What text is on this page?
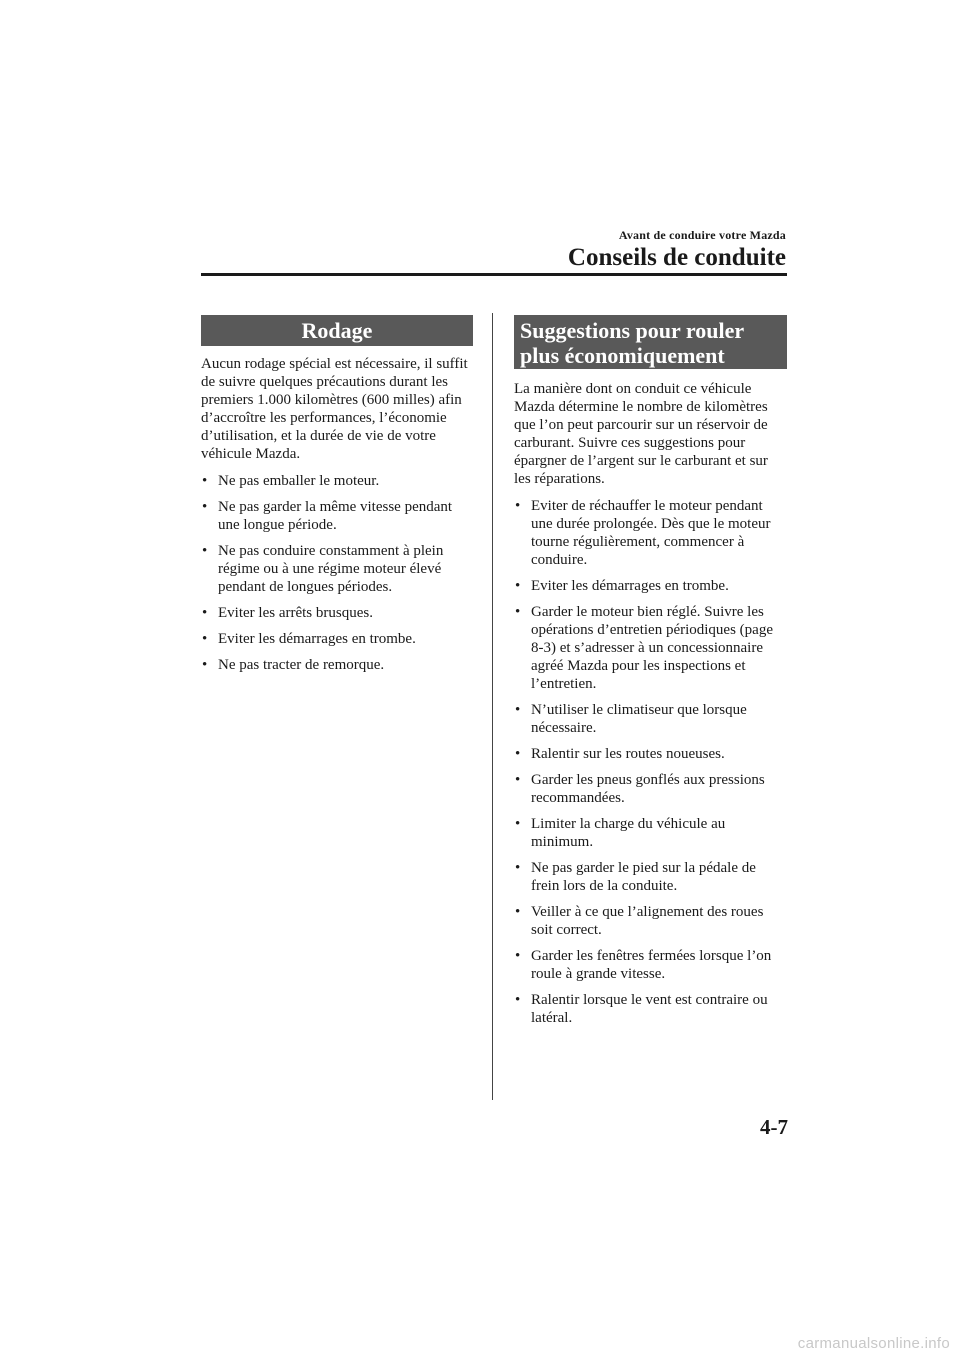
Avant de conduire votre Mazda
Conseils de conduite
Rodage

Aucun rodage spécial est nécessaire, il suffit de suivre quelques précautions durant les premiers 1.000 kilomètres (600 milles) afin d’accroître les performances, l’économie d’utilisation, et la durée de vie de votre véhicule Mazda.

• Ne pas emballer le moteur.
• Ne pas garder la même vitesse pendant une longue période.
• Ne pas conduire constamment à plein régime ou à une régime moteur élevé pendant de longues périodes.
• Eviter les arrêts brusques.
• Eviter les démarrages en trombe.
• Ne pas tracter de remorque.
Suggestions pour rouler
plus économiquement

La manière dont on conduit ce véhicule Mazda détermine le nombre de kilomètres que l’on peut parcourir sur un réservoir de carburant. Suivre ces suggestions pour épargner de l’argent sur le carburant et sur les réparations.

• Eviter de réchauffer le moteur pendant une durée prolongée. Dès que le moteur tourne régulièrement, commencer à conduire.
• Eviter les démarrages en trombe.
• Garder le moteur bien réglé. Suivre les opérations d’entretien périodiques (page 8-3) et s’adresser à un concessionnaire agréé Mazda pour les inspections et l’entretien.
• N’utiliser le climatiseur que lorsque nécessaire.
• Ralentir sur les routes noueuses.
• Garder les pneus gonflés aux pressions recommandées.
• Limiter la charge du véhicule au minimum.
• Ne pas garder le pied sur la pédale de frein lors de la conduite.
• Veiller à ce que l’alignement des roues soit correct.
• Garder les fenêtres fermées lorsque l’on roule à grande vitesse.
• Ralentir lorsque le vent est contraire ou latéral.
4-7
carmanualsonline.info
